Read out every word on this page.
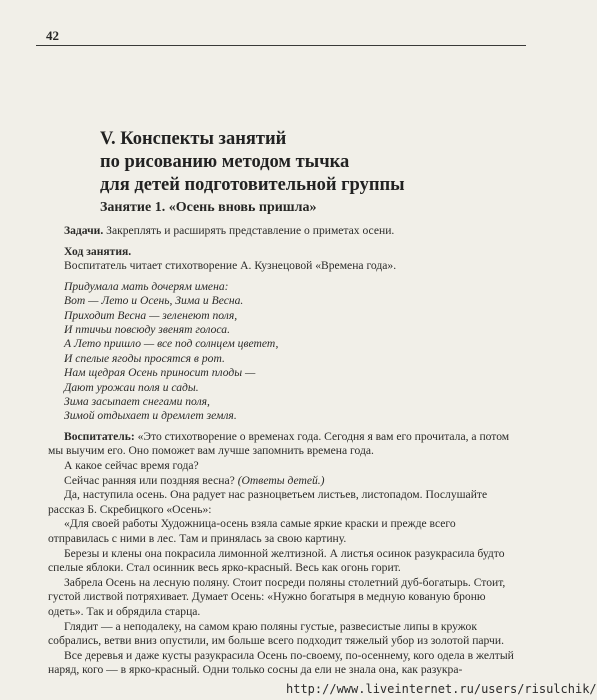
42
V. Конспекты занятий
по рисованию методом тычка
для детей подготовительной группы
Занятие 1. «Осень вновь пришла»

Задачи. Закреплять и расширять представление о приметах осени.

Ход занятия.

Воспитатель читает стихотворение А. Кузнецовой «Времена года».

Придумала мать дочерям имена:
Вот — Лето и Осень, Зима и Весна.
Приходит Весна — зеленеют поля,
И птичьи повсюду звенят голоса.
А Лето пришло — все под солнцем цветет,
И спелые ягоды просятся в рот.
Нам щедрая Осень приносит плоды —
Дают урожаи поля и сады.
Зима засыпает снегами поля,
Зимой отдыхает и дремлет земля.

Воспитатель: «Это стихотворение о временах года. Сегодня я вам его прочитала, а потом мы выучим его. Оно поможет вам лучше запомнить времена года.

А какое сейчас время года?

Сейчас ранняя или поздняя весна? (Ответы детей.)

Да, наступила осень. Она радует нас разноцветьем листьев, листопадом. Послушайте рассказ Б. Скребицкого «Осень»:

«Для своей работы Художница-осень взяла самые яркие краски и прежде всего отправилась с ними в лес. Там и принялась за свою картину.

Березы и клены она покрасила лимонной желтизной. А листья осинок разукрасила будто спелые яблоки. Стал осинник весь ярко-красный. Весь как огонь горит.

Забрела Осень на лесную поляну. Стоит посреди поляны столетний дуб-богатырь. Стоит, густой листвой потряхивает. Думает Осень: «Нужно богатыря в медную кованую броню одеть». Так и обрядила старца.

Глядит — а неподалеку, на самом краю поляны густые, развесистые липы в кружок собрались, ветви вниз опустили, им больше всего подходит тяжелый убор из золотой парчи.

Все деревья и даже кусты разукрасила Осень по-своему, по-осеннему, кого одела в желтый наряд, кого — в ярко-красный. Одни только сосны да ели не знала она, как разукра-

http://www.liveinternet.ru/users/risulchik/
